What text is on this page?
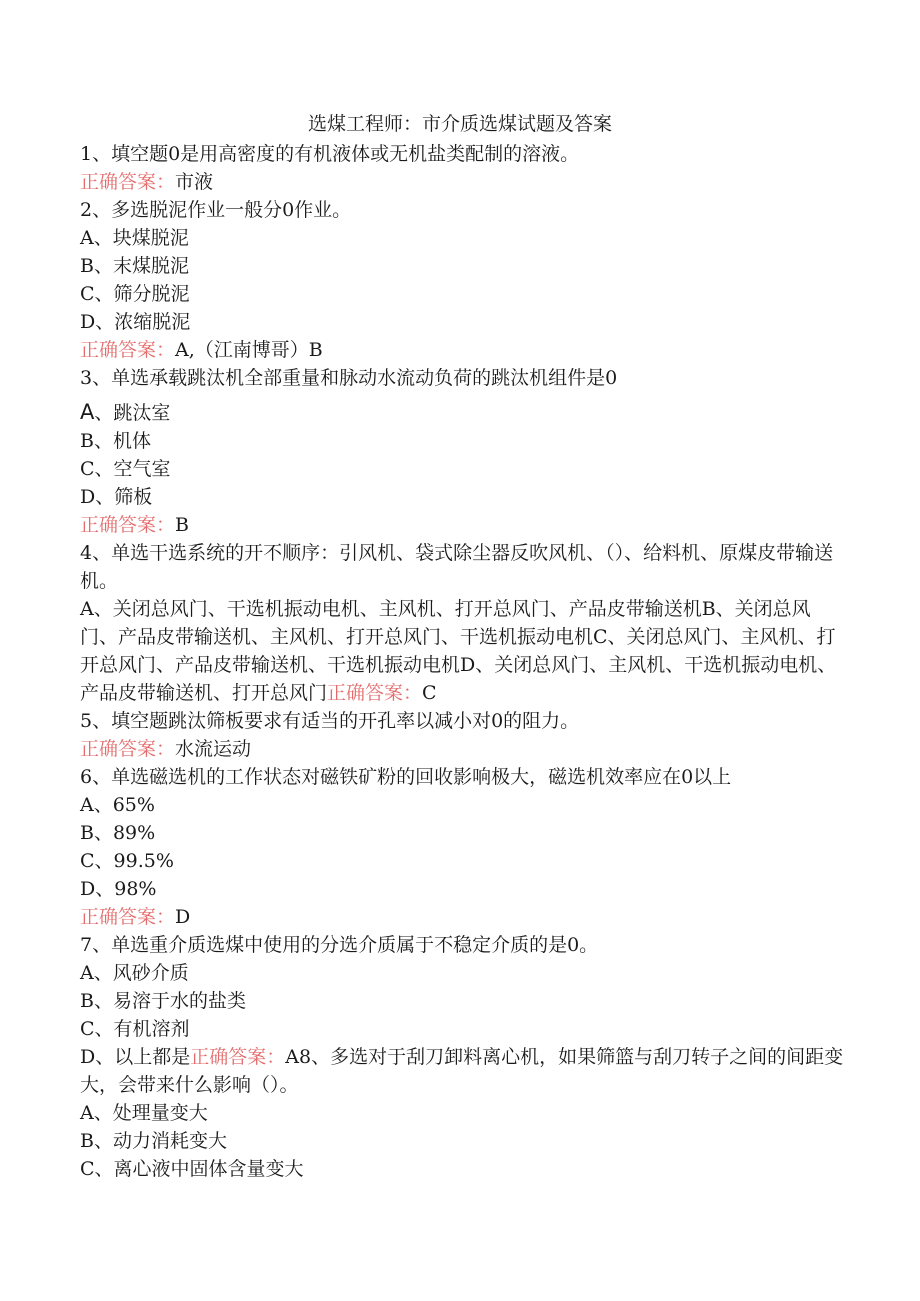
选煤工程师：市介质选煤试题及答案

1、填空题0是用高密度的有机液体或无机盐类配制的溶液。

正确答案：市液

2、多选脱泥作业一般分0作业。

A、块煤脱泥

B、末煤脱泥

C、筛分脱泥

D、浓缩脱泥

正确答案：A,（江南博哥）B

3、单选承载跳汰机全部重量和脉动水流动负荷的跳汰机组件是0

A、跳汰室

B、机体

C、空气室

D、筛板

正确答案：B

4、单选干选系统的开不顺序：引风机、袋式除尘器反吹风机、（）、给料机、原煤皮带输送机。

A、关闭总风门、干选机振动电机、主风机、打开总风门、产品皮带输送机B、关闭总风门、产品皮带输送机、主风机、打开总风门、干选机振动电机C、关闭总风门、主风机、打开总风门、产品皮带输送机、干选机振动电机D、关闭总风门、主风机、干选机振动电机、产品皮带输送机、打开总风门正确答案：C

5、填空题跳汰筛板要求有适当的开孔率以减小对0的阻力。

正确答案：水流运动

6、单选磁选机的工作状态对磁铁矿粉的回收影响极大，磁选机效率应在0以上

A、65%

B、89%

C、99.5%

D、98%

正确答案：D

7、单选重介质选煤中使用的分选介质属于不稳定介质的是0。

A、风砂介质

B、易溶于水的盐类

C、有机溶剂

D、以上都是正确答案：A8、多选对于刮刀卸料离心机，如果筛篮与刮刀转子之间的间距变大，会带来什么影响（）。

A、处理量变大

B、动力消耗变大

C、离心液中固体含量变大
